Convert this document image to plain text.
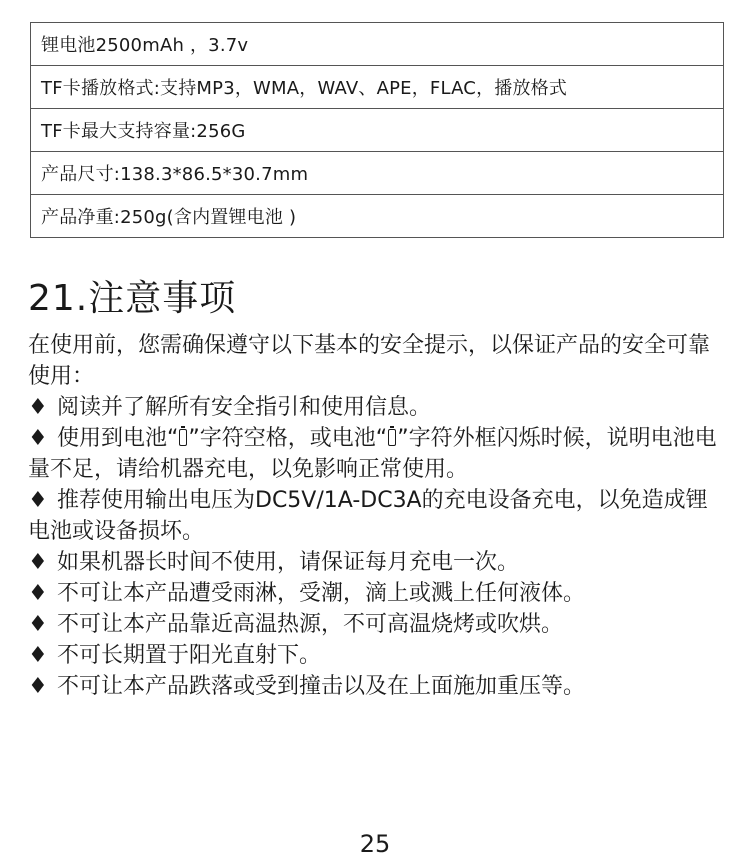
锂电池2500mAh ，3.7v
TF卡播放格式:支持MP3，WMA，WAV、APE，FLAC，播放格式
TF卡最大支持容量:256G
产品尺寸:138.3*86.5*30.7mm
产品净重:250g(含内置锂电池 )
21.注意事项

在使用前，您需确保遵守以下基本的安全提示，以保证产品的安全可靠使用：

♦ 阅读并了解所有安全指引和使用信息。

♦ 使用到电池“ ”字符空格，或电池“ ”字符外框闪烁时候，说明电池电量不足，请给机器充电，以免影响正常使用。

♦ 推荐使用输出电压为DC5V/1A-DC3A的充电设备充电，以免造成锂电池或设备损坏。

♦ 如果机器长时间不使用，请保证每月充电一次。

♦ 不可让本产品遭受雨淋，受潮，滴上或溅上任何液体。

♦ 不可让本产品靠近高温热源，不可高温烧烤或吹烘。

♦ 不可长期置于阳光直射下。

♦ 不可让本产品跌落或受到撞击以及在上面施加重压等。

25
